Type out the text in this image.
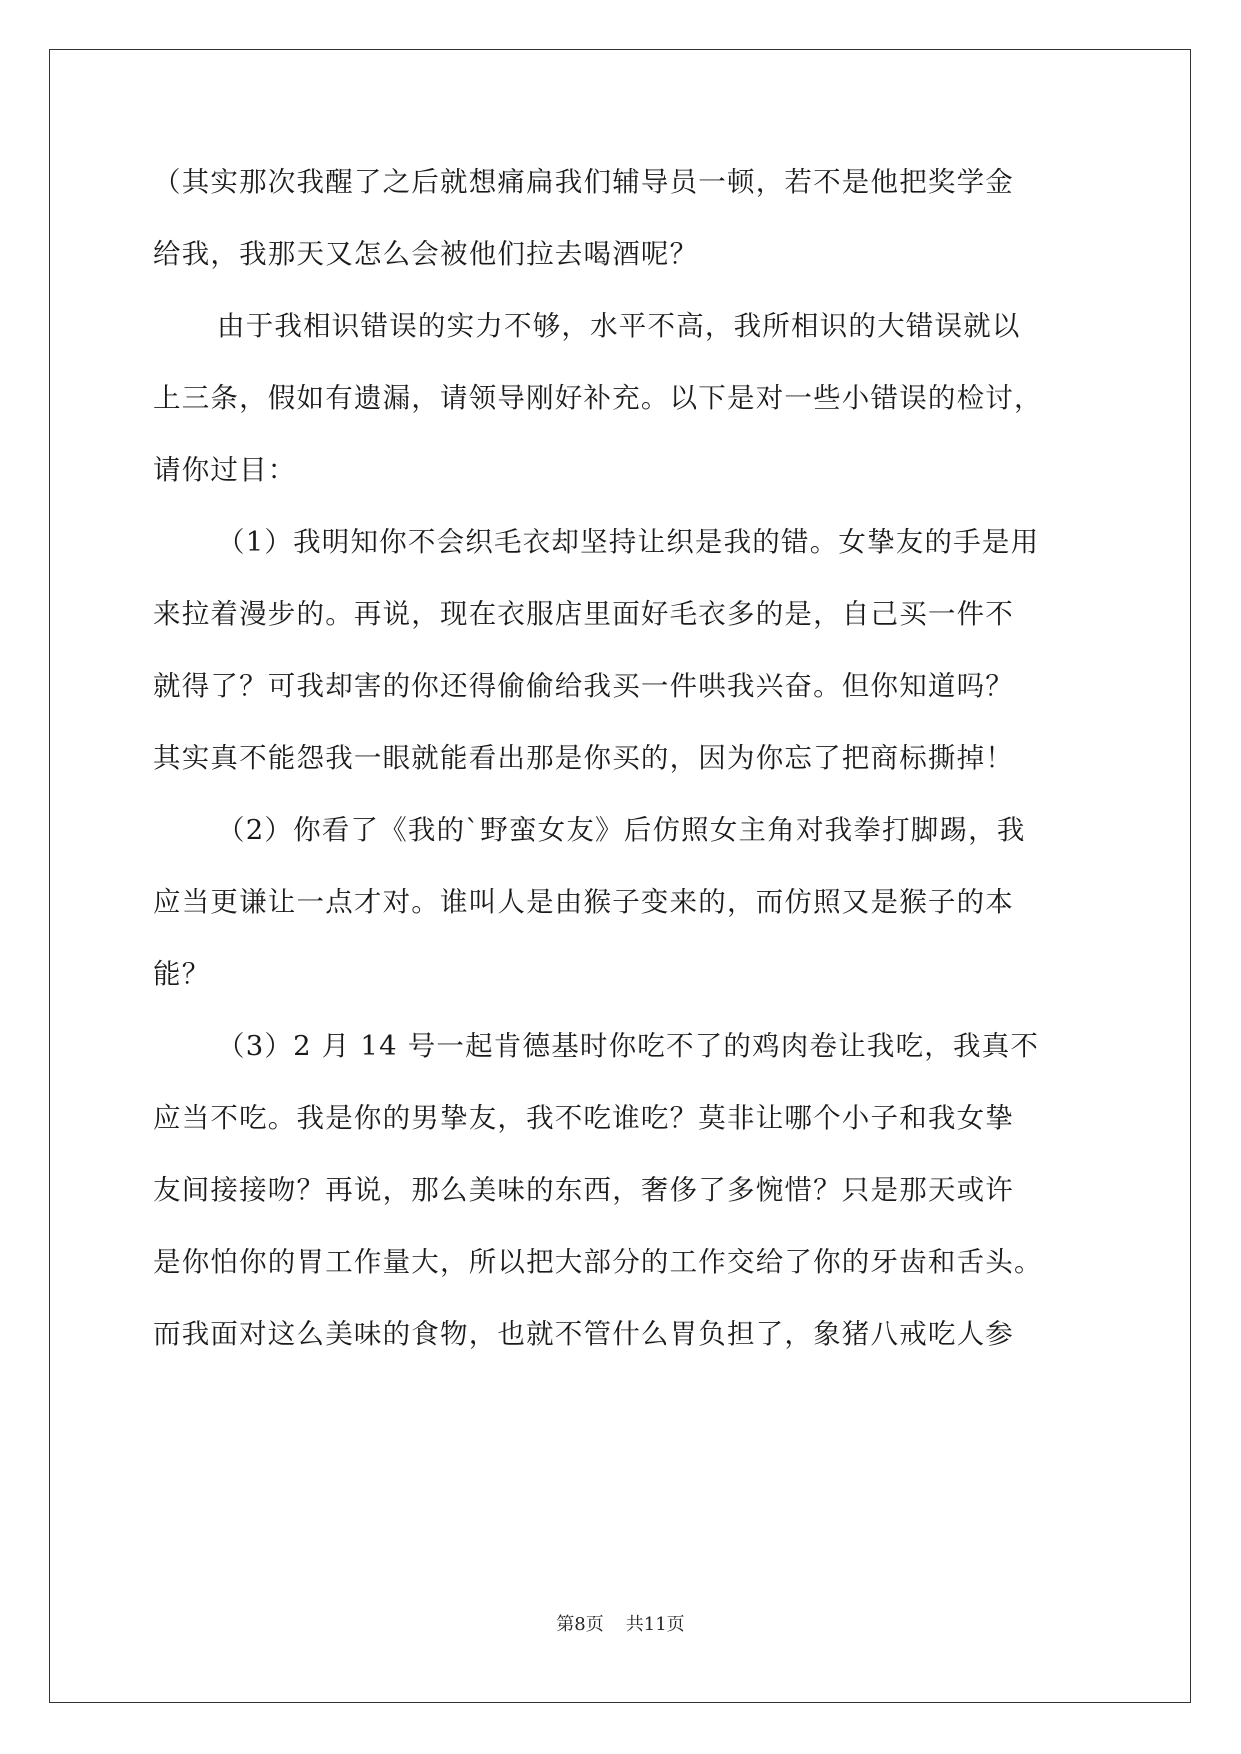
（其实那次我醒了之后就想痛扁我们辅导员一顿，若不是他把奖学金
给我，我那天又怎么会被他们拉去喝酒呢？
由于我相识错误的实力不够，水平不高，我所相识的大错误就以
上三条，假如有遗漏，请领导刚好补充。以下是对一些小错误的检讨，
请你过目：
（1）我明知你不会织毛衣却坚持让织是我的错。女挚友的手是用
来拉着漫步的。再说，现在衣服店里面好毛衣多的是，自己买一件不
就得了？可我却害的你还得偷偷给我买一件哄我兴奋。但你知道吗？
其实真不能怨我一眼就能看出那是你买的，因为你忘了把商标撕掉！
（2）你看了《我的`野蛮女友》后仿照女主角对我拳打脚踢，我
应当更谦让一点才对。谁叫人是由猴子变来的，而仿照又是猴子的本
能？
（3）2 月 14 号一起肯德基时你吃不了的鸡肉卷让我吃，我真不
应当不吃。我是你的男挚友，我不吃谁吃？莫非让哪个小子和我女挚
友间接接吻？再说，那么美味的东西，奢侈了多惋惜？只是那天或许
是你怕你的胃工作量大，所以把大部分的工作交给了你的牙齿和舌头。
而我面对这么美味的食物，也就不管什么胃负担了，象猪八戒吃人参
第8页 共11页
